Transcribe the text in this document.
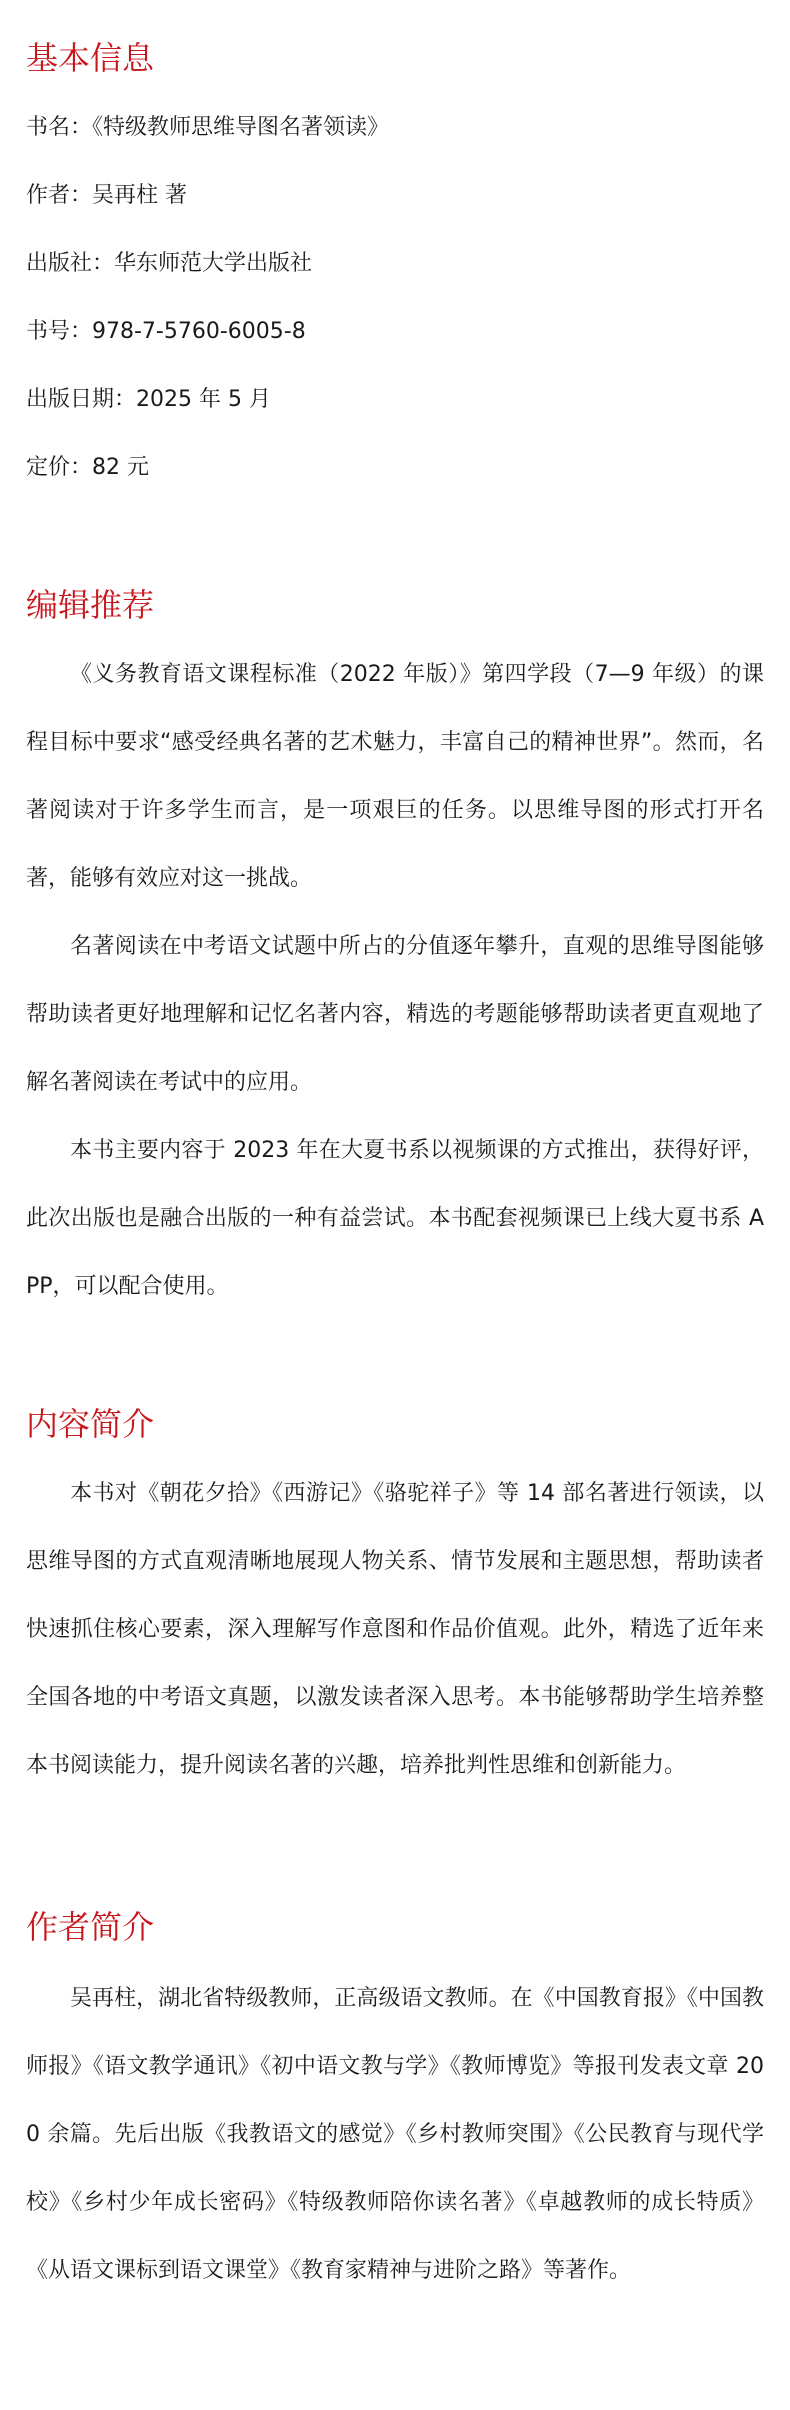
基本信息

书名：《特级教师思维导图名著领读》

作者：吴再柱 著

出版社：华东师范大学出版社

书号：978-7-5760-6005-8

出版日期：2025 年 5 月

定价：82 元

编辑推荐

《义务教育语文课程标准（2022 年版）》第四学段（7—9 年级）的课程目标中要求“感受经典名著的艺术魅力，丰富自己的精神世界”。然而，名著阅读对于许多学生而言，是一项艰巨的任务。以思维导图的形式打开名著，能够有效应对这一挑战。

名著阅读在中考语文试题中所占的分值逐年攀升，直观的思维导图能够帮助读者更好地理解和记忆名著内容，精选的考题能够帮助读者更直观地了解名著阅读在考试中的应用。

本书主要内容于 2023 年在大夏书系以视频课的方式推出，获得好评，此次出版也是融合出版的一种有益尝试。本书配套视频课已上线大夏书系 APP，可以配合使用。

内容简介

本书对《朝花夕拾》《西游记》《骆驼祥子》等 14 部名著进行领读，以思维导图的方式直观清晰地展现人物关系、情节发展和主题思想，帮助读者快速抓住核心要素，深入理解写作意图和作品价值观。此外，精选了近年来全国各地的中考语文真题，以激发读者深入思考。本书能够帮助学生培养整本书阅读能力，提升阅读名著的兴趣，培养批判性思维和创新能力。

作者简介

吴再柱，湖北省特级教师，正高级语文教师。在《中国教育报》《中国教师报》《语文教学通讯》《初中语文教与学》《教师博览》等报刊发表文章 200 余篇。先后出版《我教语文的感觉》《乡村教师突围》《公民教育与现代学校》《乡村少年成长密码》《特级教师陪你读名著》《卓越教师的成长特质》《从语文课标到语文课堂》《教育家精神与进阶之路》等著作。
